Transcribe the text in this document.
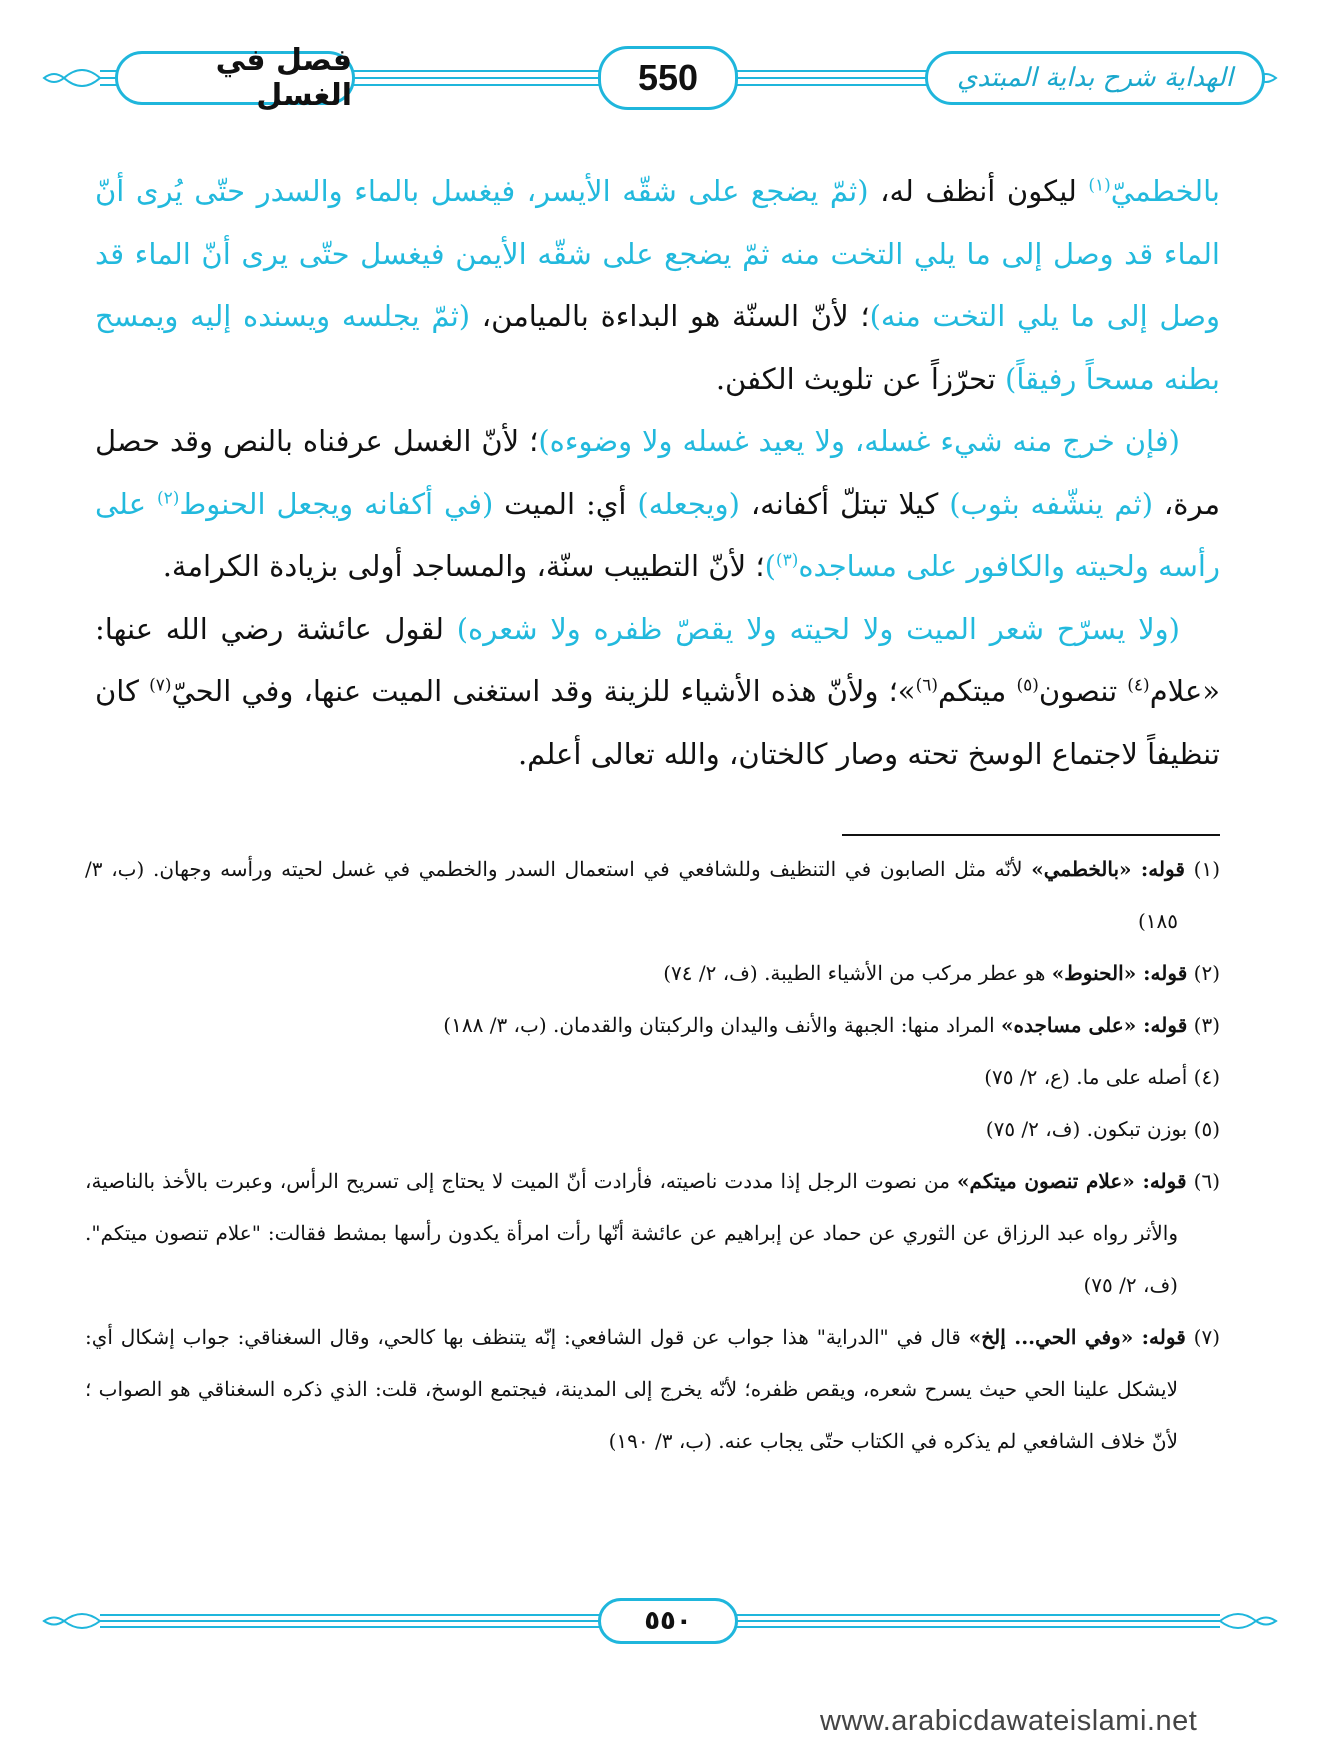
فصل في الغسل	550	الهداية شرح بداية المبتدي

بالخطميّ$^{(١)}$ ليكون أنظف له، (ثمّ يضجع على شقّه الأيسر، فيغسل بالماء والسدر حتّى يُرى أنّ الماء قد وصل إلى ما يلي التخت منه ثمّ يضجع على شقّه الأيمن فيغسل حتّى يرى أنّ الماء قد وصل إلى ما يلي التخت منه)؛ لأنّ السنّة هو البداءة بالميامن، (ثمّ يجلسه ويسنده إليه ويمسح بطنه مسحاً رفيقاً) تحرّزاً عن تلويث الكفن.

(فإن خرج منه شيء غسله، ولا يعيد غسله ولا وضوءه)؛ لأنّ الغسل عرفناه بالنص وقد حصل مرة، (ثم ينشّفه بثوب) كيلا تبتلّ أكفانه، (ويجعله) أي: الميت (في أكفانه ويجعل الحنوط$^{(٢)}$ على رأسه ولحيته والكافور على مساجده$^{(٣)}$)؛ لأنّ التطييب سنّة، والمساجد أولى بزيادة الكرامة.

(ولا يسرّح شعر الميت ولا لحيته ولا يقصّ ظفره ولا شعره) لقول عائشة رضي الله عنها: «علام$^{(٤)}$ تنصون$^{(٥)}$ ميتكم$^{(٦)}$»؛ ولأنّ هذه الأشياء للزينة وقد استغنى الميت عنها، وفي الحيّ$^{(٧)}$ كان تنظيفاً لاجتماع الوسخ تحته وصار كالختان، والله تعالى أعلم.

(١) قوله: «بالخطمي» لأنّه مثل الصابون في التنظيف وللشافعي في استعمال السدر والخطمي في غسل لحيته ورأسه وجهان. (ب، ٣/ ١٨٥)

(٢) قوله: «الحنوط» هو عطر مركب من الأشياء الطيبة. (ف، ٢/ ٧٤)

(٣) قوله: «على مساجده» المراد منها: الجبهة والأنف واليدان والركبتان والقدمان. (ب، ٣/ ١٨٨)

(٤) أصله على ما. (ع، ٢/ ٧٥)

(٥) بوزن تبكون. (ف، ٢/ ٧٥)

(٦) قوله: «علام تنصون ميتكم» من نصوت الرجل إذا مددت ناصيته، فأرادت أنّ الميت لا يحتاج إلى تسريح الرأس، وعبرت بالأخذ بالناصية، والأثر رواه عبد الرزاق عن الثوري عن حماد عن إبراهيم عن عائشة أنّها رأت امرأة يكدون رأسها بمشط فقالت: "علام تنصون ميتكم". (ف، ٢/ ٧٥)

(٧) قوله: «وفي الحي... إلخ» قال في "الدراية" هذا جواب عن قول الشافعي: إنّه يتنظف بها كالحي، وقال السغناقي: جواب إشكال أي: لايشكل علينا الحي حيث يسرح شعره، ويقص ظفره؛ لأنّه يخرج إلى المدينة، فيجتمع الوسخ، قلت: الذي ذكره السغناقي هو الصواب ؛ لأنّ خلاف الشافعي لم يذكره في الكتاب حتّى يجاب عنه. (ب، ٣/ ١٩٠)

٥٥٠
www.arabicdawateislami.net
